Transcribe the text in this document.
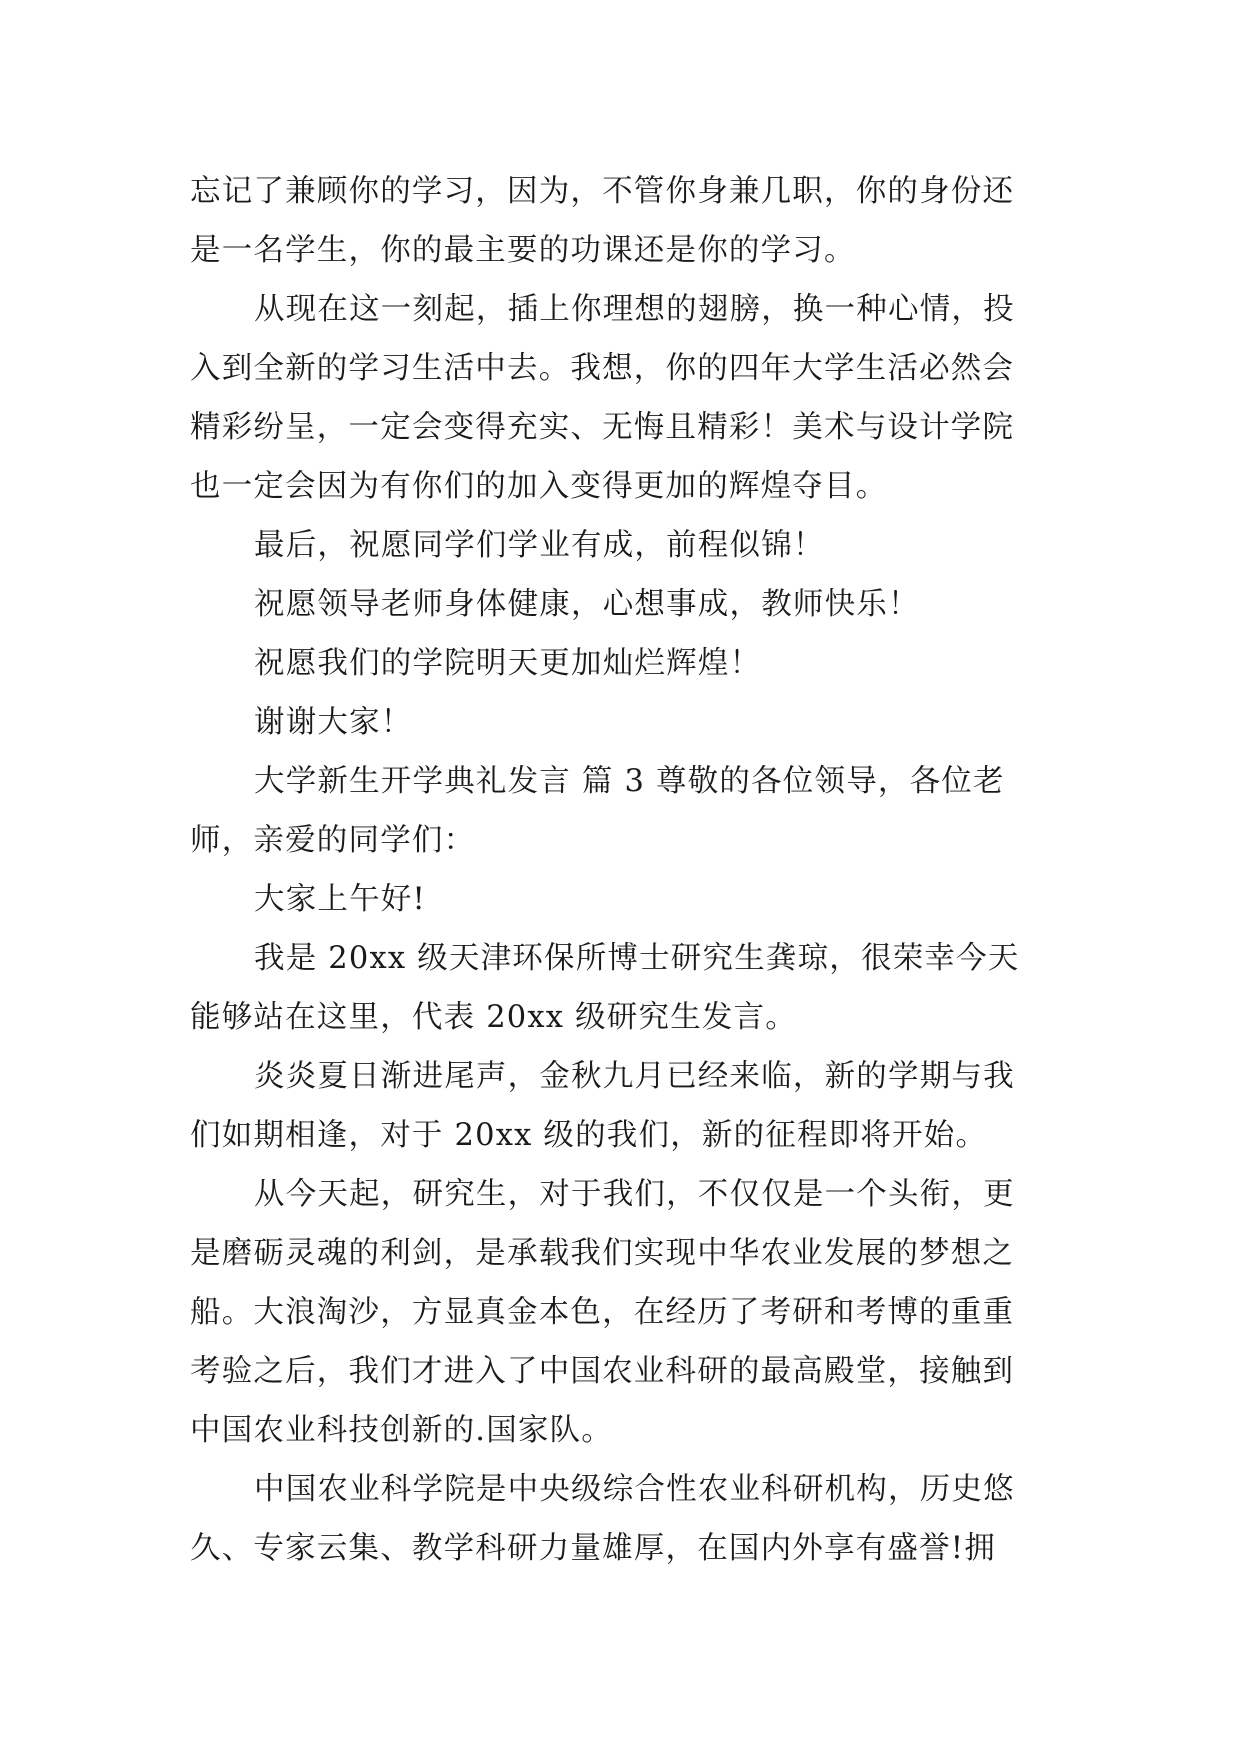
忘记了兼顾你的学习，因为，不管你身兼几职，你的身份还
是一名学生，你的最主要的功课还是你的学习。
从现在这一刻起，插上你理想的翅膀，换一种心情，投
入到全新的学习生活中去。我想，你的四年大学生活必然会
精彩纷呈，一定会变得充实、无悔且精彩！美术与设计学院
也一定会因为有你们的加入变得更加的辉煌夺目。
最后，祝愿同学们学业有成，前程似锦！
祝愿领导老师身体健康，心想事成，教师快乐！
祝愿我们的学院明天更加灿烂辉煌！
谢谢大家！
大学新生开学典礼发言 篇 3 尊敬的各位领导，各位老
师，亲爱的同学们：
大家上午好!
我是 20xx 级天津环保所博士研究生龚琼，很荣幸今天
能够站在这里，代表 20xx 级研究生发言。
炎炎夏日渐进尾声，金秋九月已经来临，新的学期与我
们如期相逢，对于 20xx 级的我们，新的征程即将开始。
从今天起，研究生，对于我们，不仅仅是一个头衔，更
是磨砺灵魂的利剑，是承载我们实现中华农业发展的梦想之
船。大浪淘沙，方显真金本色，在经历了考研和考博的重重
考验之后，我们才进入了中国农业科研的最高殿堂，接触到
中国农业科技创新的.国家队。
中国农业科学院是中央级综合性农业科研机构，历史悠
久、专家云集、教学科研力量雄厚，在国内外享有盛誉!拥
